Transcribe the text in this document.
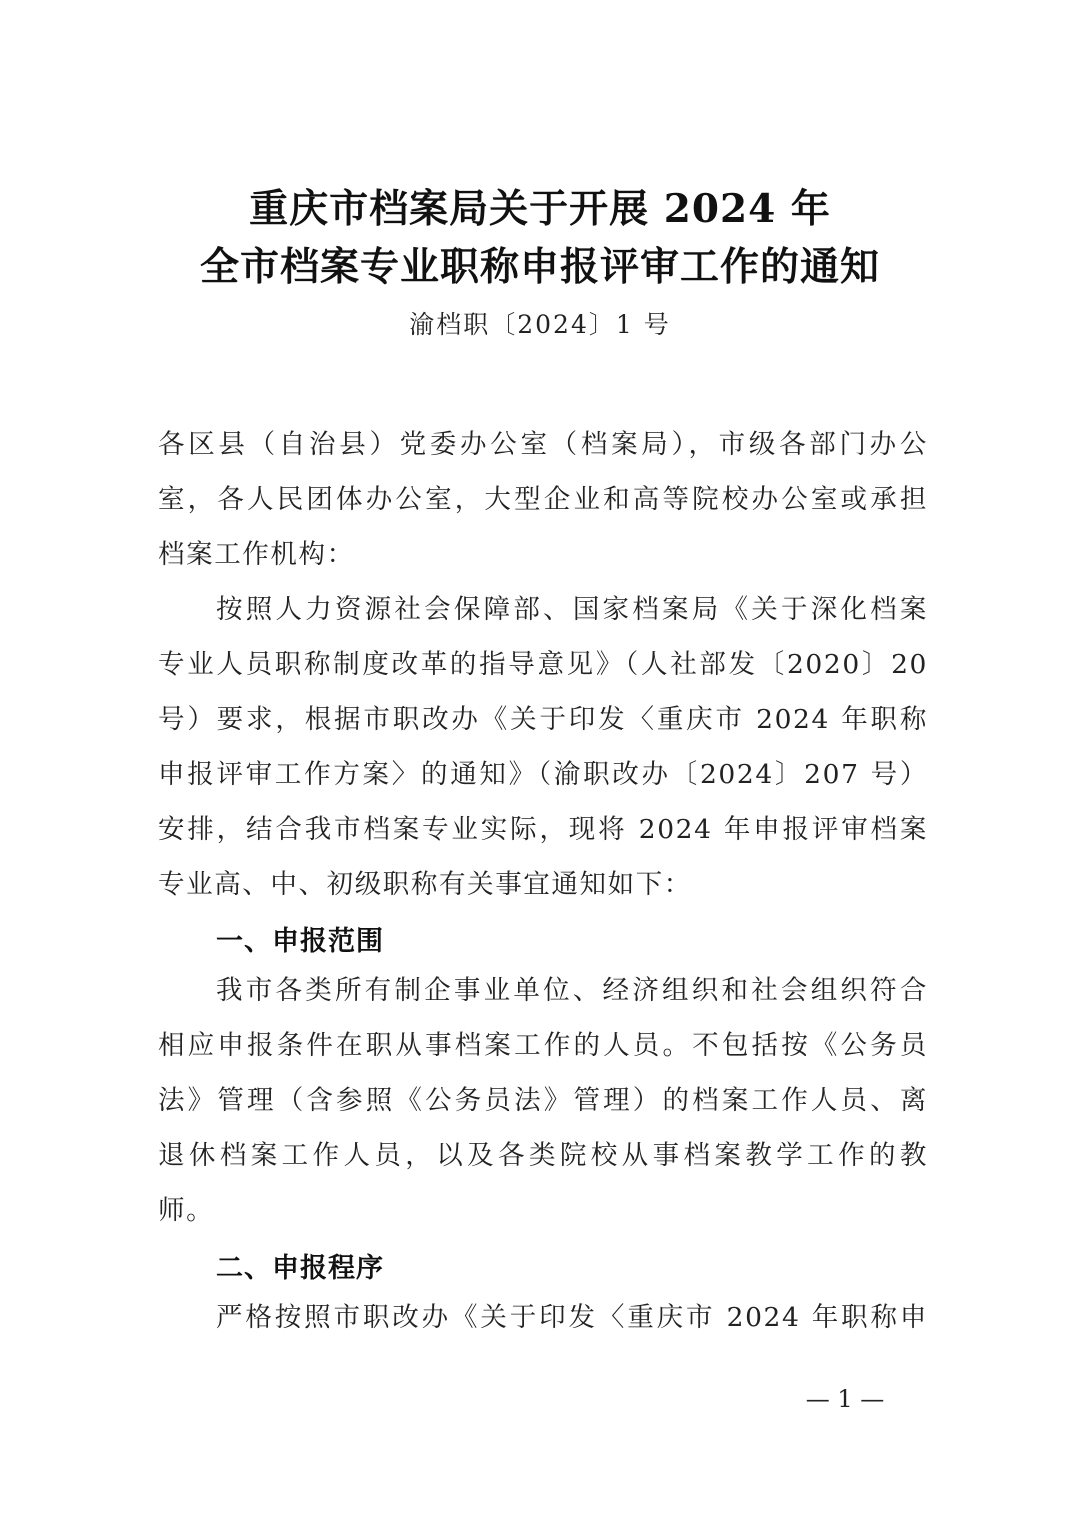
重庆市档案局关于开展 2024 年
全市档案专业职称申报评审工作的通知
渝档职〔2024〕1 号
各区县（自治县）党委办公室（档案局），市级各部门办公
室，各人民团体办公室，大型企业和高等院校办公室或承担
档案工作机构：
按照人力资源社会保障部、国家档案局《关于深化档案
专业人员职称制度改革的指导意见》（人社部发〔2020〕20
号）要求，根据市职改办《关于印发〈重庆市 2024 年职称
申报评审工作方案〉的通知》（渝职改办〔2024〕207 号）
安排，结合我市档案专业实际，现将 2024 年申报评审档案
专业高、中、初级职称有关事宜通知如下：
一、申报范围
我市各类所有制企事业单位、经济组织和社会组织符合
相应申报条件在职从事档案工作的人员。不包括按《公务员
法》管理（含参照《公务员法》管理）的档案工作人员、离
退休档案工作人员，以及各类院校从事档案教学工作的教
师。
二、申报程序
严格按照市职改办《关于印发〈重庆市 2024 年职称申
— 1 —
